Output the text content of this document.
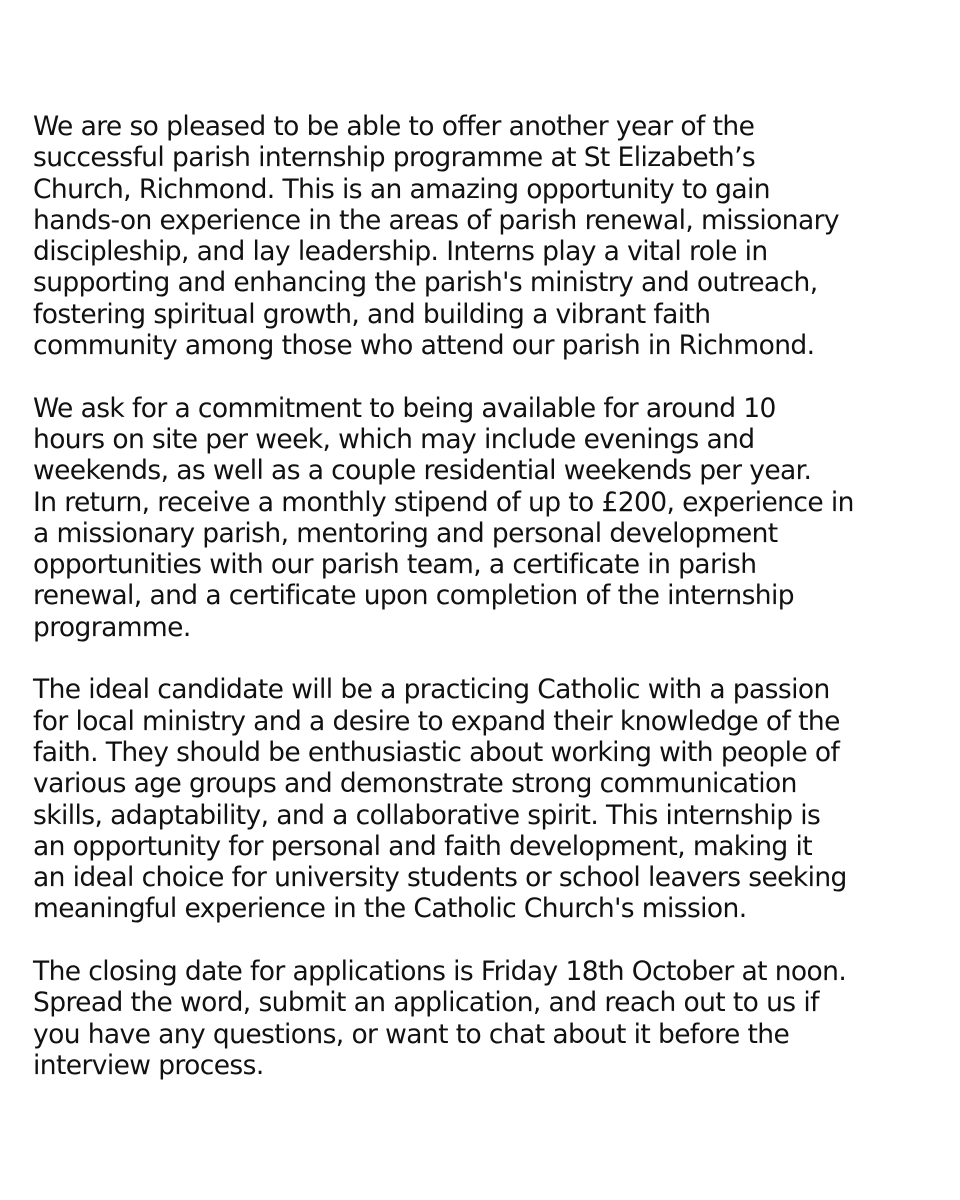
We are so pleased to be able to offer another year of the
successful parish internship programme at St Elizabeth’s
Church, Richmond. This is an amazing opportunity to gain
hands-on experience in the areas of parish renewal, missionary
discipleship, and lay leadership. Interns play a vital role in
supporting and enhancing the parish's ministry and outreach,
fostering spiritual growth, and building a vibrant faith
community among those who attend our parish in Richmond.

We ask for a commitment to being available for around 10
hours on site per week, which may include evenings and
weekends, as well as a couple residential weekends per year.
In return, receive a monthly stipend of up to £200, experience in
a missionary parish, mentoring and personal development
opportunities with our parish team, a certificate in parish
renewal, and a certificate upon completion of the internship
programme.

The ideal candidate will be a practicing Catholic with a passion
for local ministry and a desire to expand their knowledge of the
faith. They should be enthusiastic about working with people of
various age groups and demonstrate strong communication
skills, adaptability, and a collaborative spirit. This internship is
an opportunity for personal and faith development, making it
an ideal choice for university students or school leavers seeking
meaningful experience in the Catholic Church's mission.

The closing date for applications is Friday 18th October at noon.
Spread the word, submit an application, and reach out to us if
you have any questions, or want to chat about it before the
interview process.
